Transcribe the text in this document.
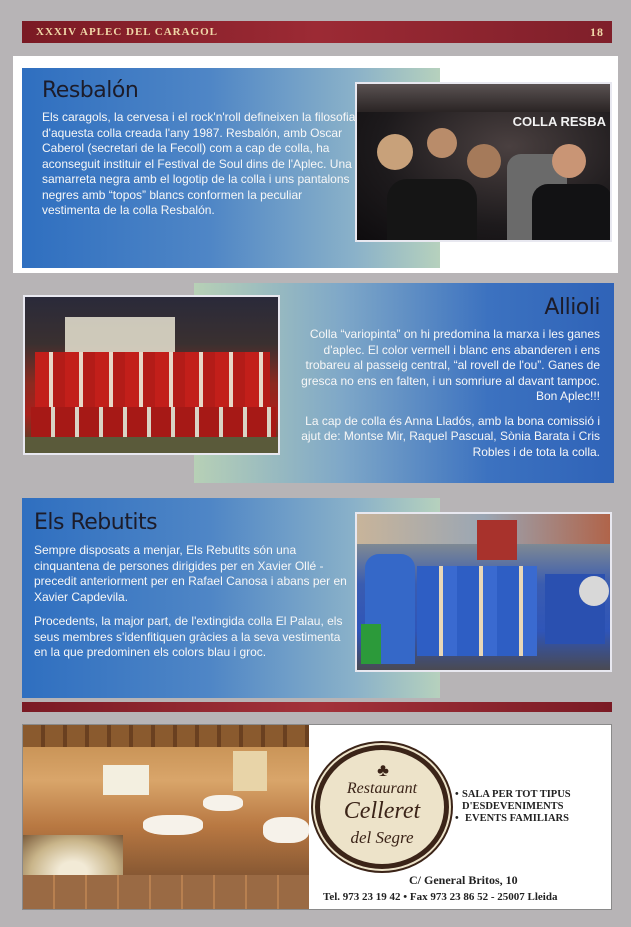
XXXIV APLEC DEL CARAGOL	18
Resbalón

Els caragols, la cervesa i el rock'n'roll defineixen la filosofia d'aquesta colla creada l'any 1987. Resbalón, amb Oscar Caberol (secretari de la Fecoll) com a cap de colla, ha aconseguit instituir el Festival de Soul dins de l'Aplec. Una samarreta negra amb el logotip de la colla i uns pantalons negres amb “topos” blancs conformen la peculiar vestimenta de la colla Resbalón.

COLLA RESBA
Allioli

Colla “variopinta” on hi predomina la marxa i les ganes d'aplec. El color vermell i blanc ens abanderen i ens trobareu al passeig central, “al rovell de l'ou”. Ganes de gresca no ens en falten, i un somriure al davant tampoc. Bon Aplec!!!

La cap de colla és Anna Lladós, amb la bona comissió i ajut de: Montse Mir, Raquel Pascual, Sònia Barata i Cris Robles i de tota la colla.

Els Rebutits

Sempre disposats a menjar, Els Rebutits són una cinquantena de persones dirigides per en Xavier Ollé -precedit anteriorment per en Rafael Canosa i abans per en Xavier Capdevila.

Procedents, la major part, de l'extingida colla El Palau, els seus membres s'idenfitiquen gràcies a la seva vestimenta en la que predominen els colors blau i groc.

♣
Restaurant
Celleret
del Segre
• SALA PER TOT TIPUS D'ESDEVENIMENTS
• EVENTS FAMILIARS
C/ General Britos, 10
Tel. 973 23 19 42 • Fax 973 23 86 52 - 25007 Lleida
